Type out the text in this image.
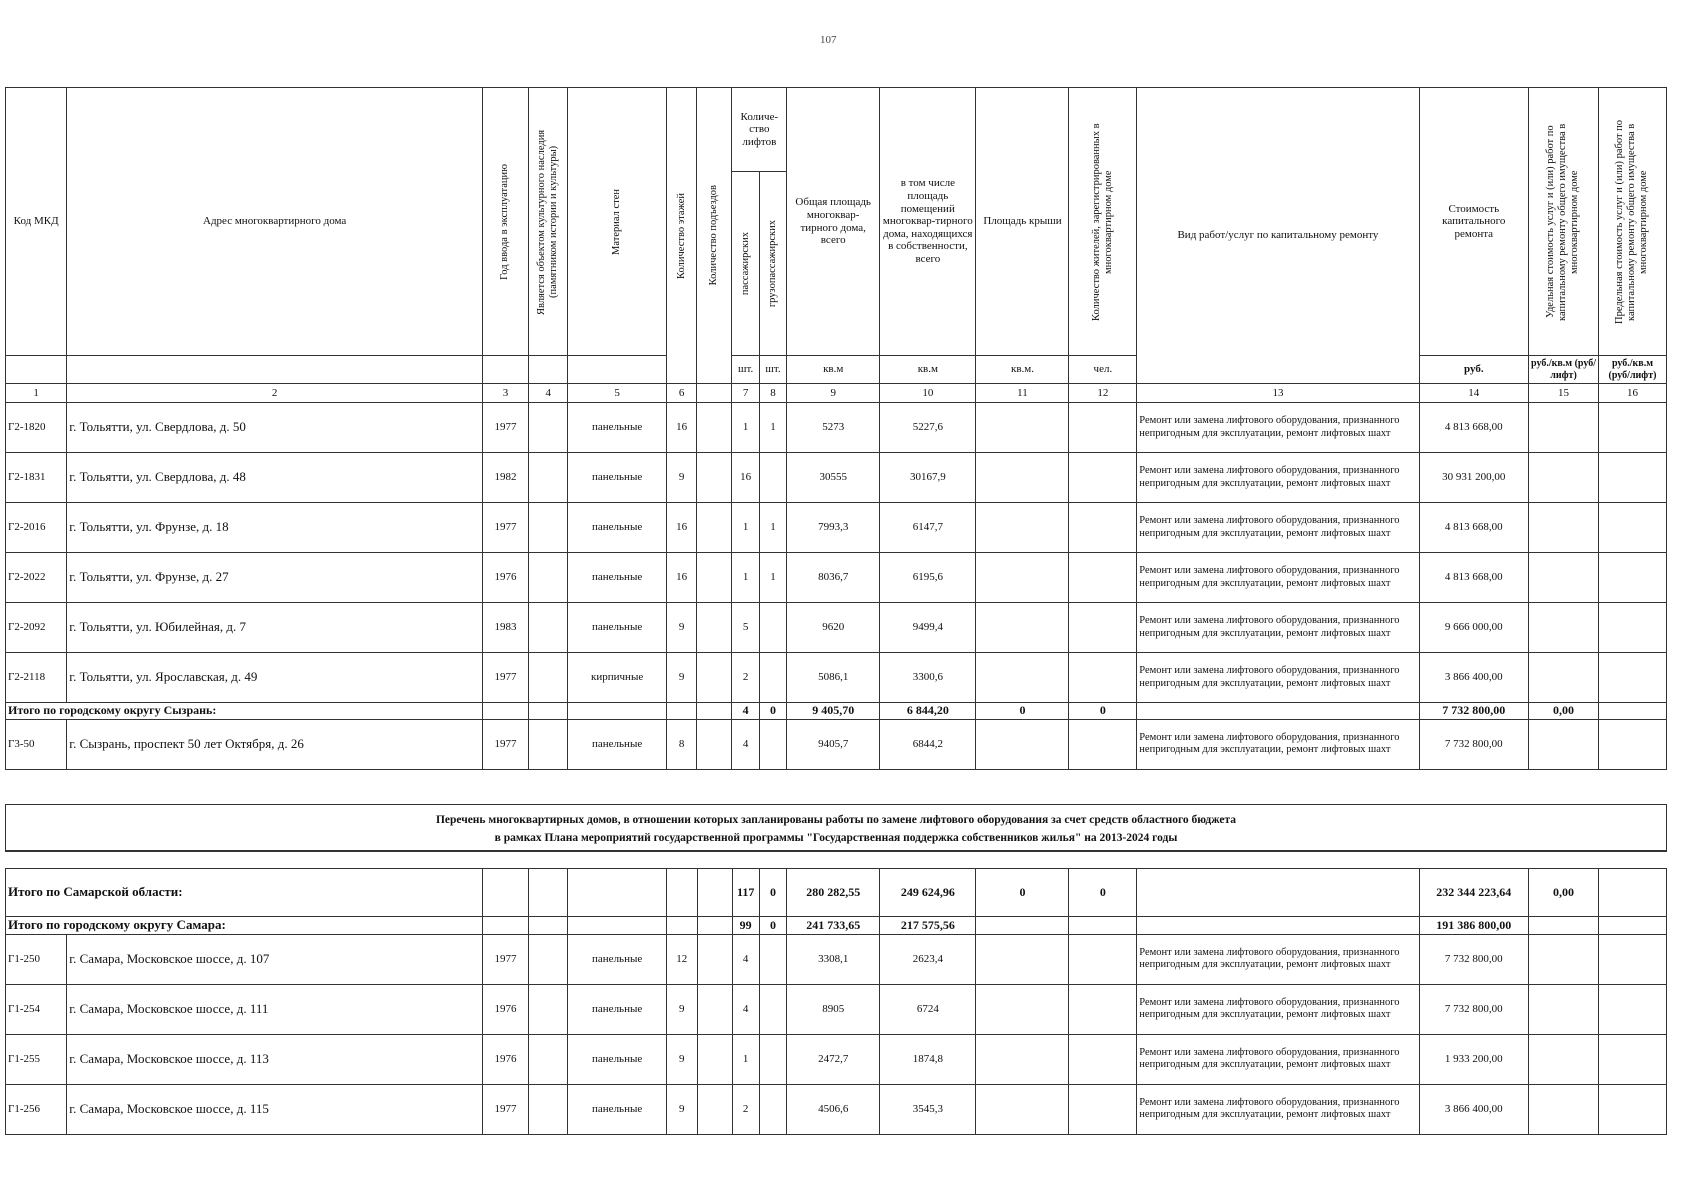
107
Код МКД	Адрес многоквартирного дома	Год ввода в эксплуатацию	Является объектом культурного наследия (памятником истории и культуры)	Материал стен	Количество этажей	Количество подъездов	Количе-ство лифтов		Общая площадь многоквар-тирного дома, всего	в том числе площадь помещений многоквар-тирного дома, находящихся в собственности, всего	Площадь крыши	Количество жителей, зарегистрированных в многоквартирном доме	Вид работ/услуг по капитальному ремонту	Стоимость капитального ремонта	Удельная стоимость услуг и (или) работ по капитальному ремонту общего имущества в многоквартирном доме	Предельная стоимость услуг и (или) работ по капитальному ремонту общего имущества в многоквартирном доме

							пассажирских	грузопассажирских								

							шт.	шт.	кв.м	кв.м	кв.м.	чел.		руб.	руб./кв.м (руб/лифт)	руб./кв.м (руб/лифт)
1	2	3	4	5	6		7	8	9	10	11	12	13	14	15	16
Г2-1820	г. Тольятти, ул. Свердлова, д. 50	1977		панельные	16		1	1	5273	5227,6			Ремонт или замена лифтового оборудования, признанного непригодным для эксплуатации, ремонт лифтовых шахт	4 813 668,00		
Г2-1831	г. Тольятти, ул. Свердлова, д. 48	1982		панельные	9		16		30555	30167,9			Ремонт или замена лифтового оборудования, признанного непригодным для эксплуатации, ремонт лифтовых шахт	30 931 200,00		
Г2-2016	г. Тольятти, ул. Фрунзе, д. 18	1977		панельные	16		1	1	7993,3	6147,7			Ремонт или замена лифтового оборудования, признанного непригодным для эксплуатации, ремонт лифтовых шахт	4 813 668,00		
Г2-2022	г. Тольятти, ул. Фрунзе, д. 27	1976		панельные	16		1	1	8036,7	6195,6			Ремонт или замена лифтового оборудования, признанного непригодным для эксплуатации, ремонт лифтовых шахт	4 813 668,00		
Г2-2092	г. Тольятти, ул. Юбилейная, д. 7	1983		панельные	9		5		9620	9499,4			Ремонт или замена лифтового оборудования, признанного непригодным для эксплуатации, ремонт лифтовых шахт	9 666 000,00		
Г2-2118	г. Тольятти, ул. Ярославская, д. 49	1977		кирпичные	9		2		5086,1	3300,6			Ремонт или замена лифтового оборудования, признанного непригодным для эксплуатации, ремонт лифтовых шахт	3 866 400,00		
Итого по городскому округу Сызрань:							4	0	9 405,70	6 844,20	0	0		7 732 800,00	0,00	
Г3-50	г. Сызрань, проспект 50 лет Октября, д. 26	1977		панельные	8		4		9405,7	6844,2			Ремонт или замена лифтового оборудования, признанного непригодным для эксплуатации, ремонт лифтовых шахт	7 732 800,00		
Перечень многоквартирных домов, в отношении которых запланированы работы по замене лифтового оборудования за счет средств областного бюджета
в рамках Плана мероприятий государственной программы "Государственная поддержка собственников жилья" на 2013-2024 годы
Итого по Самарской области:							117	0	280 282,55	249 624,96	0	0		232 344 223,64	0,00	
Итого по городскому округу Самара:							99	0	241 733,65	217 575,56				191 386 800,00		
Г1-250	г. Самара, Московское шоссе, д. 107	1977		панельные	12		4		3308,1	2623,4			Ремонт или замена лифтового оборудования, признанного непригодным для эксплуатации, ремонт лифтовых шахт	7 732 800,00		
Г1-254	г. Самара, Московское шоссе, д. 111	1976		панельные	9		4		8905	6724			Ремонт или замена лифтового оборудования, признанного непригодным для эксплуатации, ремонт лифтовых шахт	7 732 800,00		
Г1-255	г. Самара, Московское шоссе, д. 113	1976		панельные	9		1		2472,7	1874,8			Ремонт или замена лифтового оборудования, признанного непригодным для эксплуатации, ремонт лифтовых шахт	1 933 200,00		
Г1-256	г. Самара, Московское шоссе, д. 115	1977		панельные	9		2		4506,6	3545,3			Ремонт или замена лифтового оборудования, признанного непригодным для эксплуатации, ремонт лифтовых шахт	3 866 400,00		
